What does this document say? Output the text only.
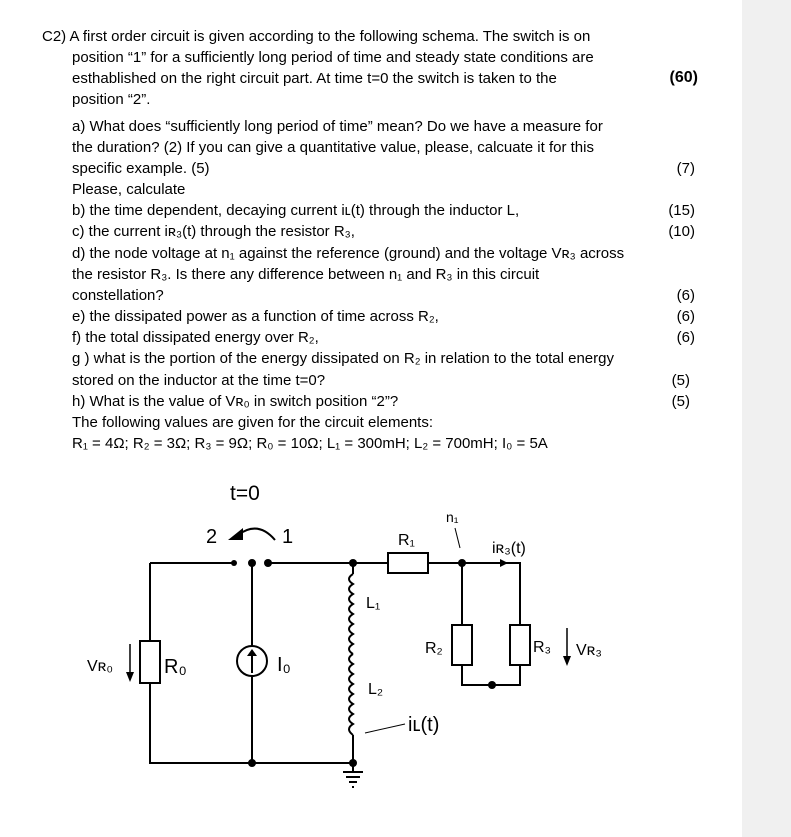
C2) A first order circuit is given according to the following schema. The switch is on
position “1” for a sufficiently long period of time and steady state conditions are
esthablished on the right circuit part. At time t=0 the switch is taken to the
position “2”.
a) What does “sufficiently long period of time” mean? Do we have a measure for
the duration? (2) If you can give a quantitative value, please, calcuate it for this
specific example. (5)
Please, calculate
b) the time dependent, decaying current iʟ(t) through the inductor L,
c) the current iʀ₃(t) through the resistor R₃,
d) the node voltage at n₁ against the reference (ground) and the voltage Vʀ₃ across
the resistor R₃. Is there any difference between n₁ and R₃ in this circuit
constellation?
e) the dissipated power as a function of time across R₂,
f) the total dissipated energy over R₂,
g ) what is the portion of the energy dissipated on R₂ in relation to the total energy
stored on the inductor at the time t=0?
h) What is the value of Vʀ₀ in switch position “2”?
The following values are given for the circuit elements:
R₁ = 4Ω; R₂ = 3Ω; R₃ = 9Ω; R₀ = 10Ω; L₁ = 300mH; L₂ = 700mH; I₀ = 5A
(60)
(7)
(15)
(10)
(6)
(6)
(6)
(5)
(5)
t=0
2	1
n₁
R₁	iʀ₃(t)
L₁
R₂	R₃ Vʀ₃
Vʀ₀	R₀	I₀
L₂
iʟ(t)
